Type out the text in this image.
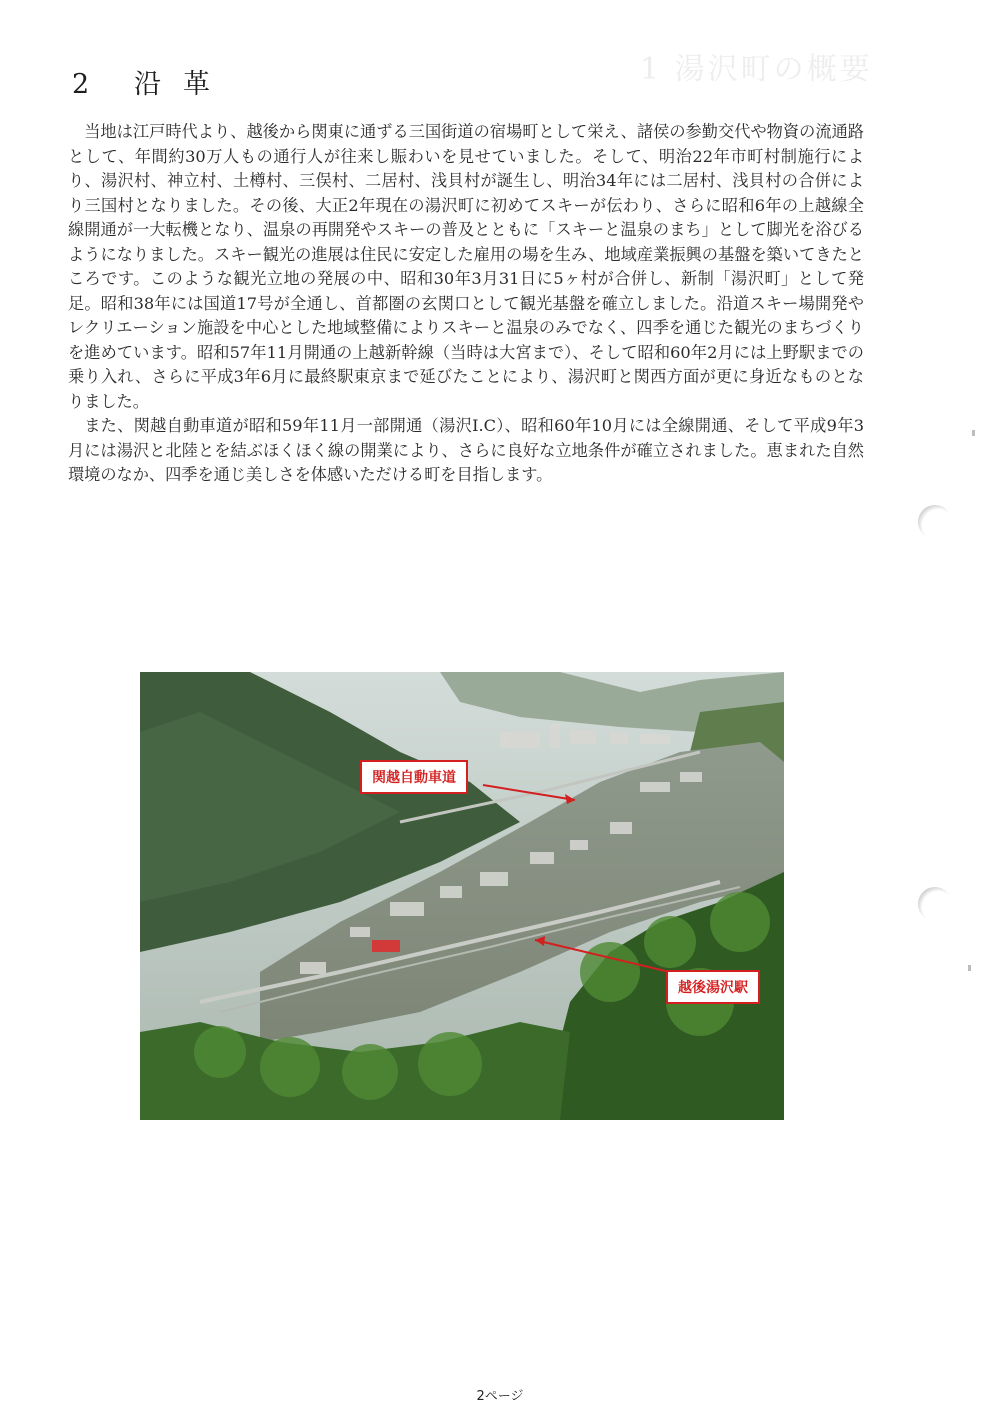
1 湯沢町の概要
2 沿革

当地は江戸時代より、越後から関東に通ずる三国街道の宿場町として栄え、諸侯の参勤交代や物資の流通路として、年間約30万人もの通行人が往来し賑わいを見せていました。そして、明治22年市町村制施行により、湯沢村、神立村、土樽村、三俣村、二居村、浅貝村が誕生し、明治34年には二居村、浅貝村の合併により三国村となりました。その後、大正2年現在の湯沢町に初めてスキーが伝わり、さらに昭和6年の上越線全線開通が一大転機となり、温泉の再開発やスキーの普及とともに「スキーと温泉のまち」として脚光を浴びるようになりました。スキー観光の進展は住民に安定した雇用の場を生み、地域産業振興の基盤を築いてきたところです。このような観光立地の発展の中、昭和30年3月31日に5ヶ村が合併し、新制「湯沢町」として発足。昭和38年には国道17号が全通し、首都圏の玄関口として観光基盤を確立しました。沿道スキー場開発やレクリエーション施設を中心とした地域整備によりスキーと温泉のみでなく、四季を通じた観光のまちづくりを進めています。昭和57年11月開通の上越新幹線（当時は大宮まで）、そして昭和60年2月には上野駅までの乗り入れ、さらに平成3年6月に最終駅東京まで延びたことにより、湯沢町と関西方面が更に身近なものとなりました。

また、関越自動車道が昭和59年11月一部開通（湯沢I.C）、昭和60年10月には全線開通、そして平成9年3月には湯沢と北陸とを結ぶほくほく線の開業により、さらに良好な立地条件が確立されました。恵まれた自然環境のなか、四季を通じ美しさを体感いただける町を目指します。

関越自動車道
越後湯沢駅
2ページ
